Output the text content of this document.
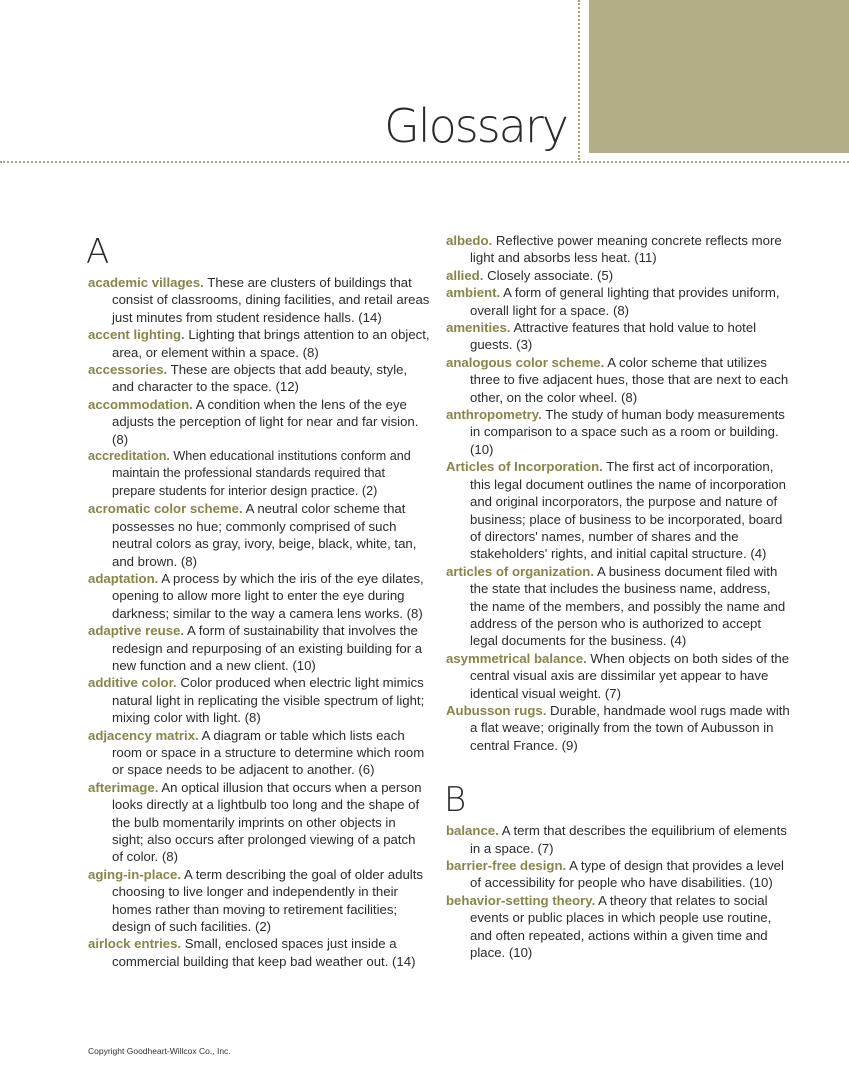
Glossary
A

academic villages. These are clusters of buildings that consist of classrooms, dining facilities, and retail areas just minutes from student residence halls. (14)

accent lighting. Lighting that brings attention to an object, area, or element within a space. (8)

accessories. These are objects that add beauty, style, and character to the space. (12)

accommodation. A condition when the lens of the eye adjusts the perception of light for near and far vision. (8)

accreditation. When educational institutions conform and maintain the professional standards required that prepare students for interior design practice. (2)

acromatic color scheme. A neutral color scheme that possesses no hue; commonly comprised of such neutral colors as gray, ivory, beige, black, white, tan, and brown. (8)

adaptation. A process by which the iris of the eye dilates, opening to allow more light to enter the eye during darkness; similar to the way a camera lens works. (8)

adaptive reuse. A form of sustainability that involves the redesign and repurposing of an existing building for a new function and a new client. (10)

additive color. Color produced when electric light mimics natural light in replicating the visible spectrum of light; mixing color with light. (8)

adjacency matrix. A diagram or table which lists each room or space in a structure to determine which room or space needs to be adjacent to another. (6)

afterimage. An optical illusion that occurs when a person looks directly at a lightbulb too long and the shape of the bulb momentarily imprints on other objects in sight; also occurs after prolonged viewing of a patch of color. (8)

aging-in-place. A term describing the goal of older adults choosing to live longer and independently in their homes rather than moving to retirement facilities; design of such facilities. (2)

airlock entries. Small, enclosed spaces just inside a commercial building that keep bad weather out. (14)

albedo. Reflective power meaning concrete reflects more light and absorbs less heat. (11)

allied. Closely associate. (5)

ambient. A form of general lighting that provides uniform, overall light for a space. (8)

amenities. Attractive features that hold value to hotel guests. (3)

analogous color scheme. A color scheme that utilizes three to five adjacent hues, those that are next to each other, on the color wheel. (8)

anthropometry. The study of human body measurements in comparison to a space such as a room or building. (10)

Articles of Incorporation. The first act of incorporation, this legal document outlines the name of incorporation and original incorporators, the purpose and nature of business; place of business to be incorporated, board of directors' names, number of shares and the stakeholders' rights, and initial capital structure. (4)

articles of organization. A business document filed with the state that includes the business name, address, the name of the members, and possibly the name and address of the person who is authorized to accept legal documents for the business. (4)

asymmetrical balance. When objects on both sides of the central visual axis are dissimilar yet appear to have identical visual weight. (7)

Aubusson rugs. Durable, handmade wool rugs made with a flat weave; originally from the town of Aubusson in central France. (9)

B

balance. A term that describes the equilibrium of elements in a space. (7)

barrier-free design. A type of design that provides a level of accessibility for people who have disabilities. (10)

behavior-setting theory. A theory that relates to social events or public places in which people use routine, and often repeated, actions within a given time and place. (10)

Copyright Goodheart-Willcox Co., Inc.
